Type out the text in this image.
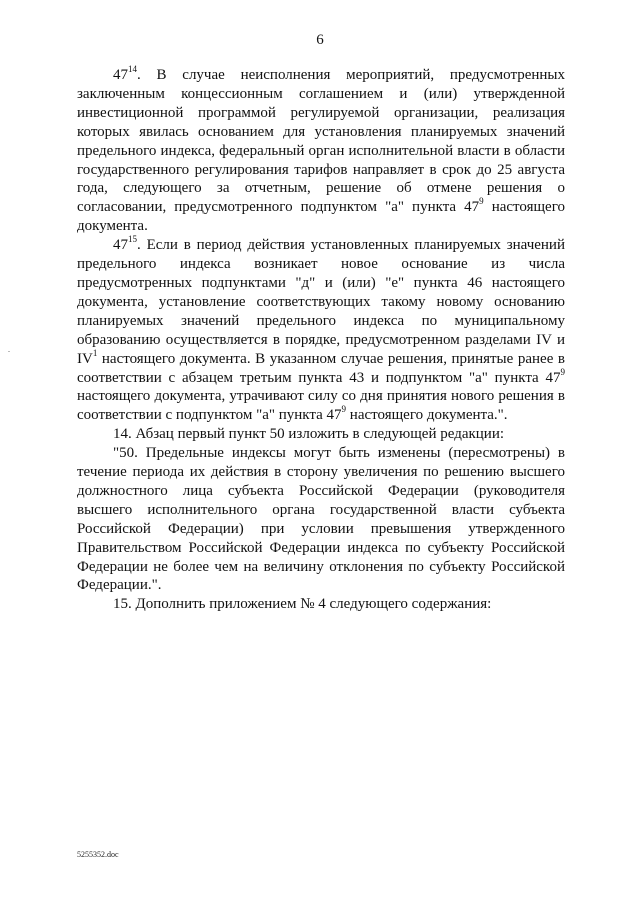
6

$47^{14}$. В случае неисполнения мероприятий, предусмотренных заключенным концессионным соглашением и (или) утвержденной инвестиционной программой регулируемой организации, реализация которых явилась основанием для установления планируемых значений предельного индекса, федеральный орган исполнительной власти в области государственного регулирования тарифов направляет в срок до 25 августа года, следующего за отчетным, решение об отмене решения о согласовании, предусмотренного подпунктом "а" пункта $47^9$ настоящего документа.

$47^{15}$. Если в период действия установленных планируемых значений предельного индекса возникает новое основание из числа предусмотренных подпунктами "д" и (или) "е" пункта 46 настоящего документа, установление соответствующих такому новому основанию планируемых значений предельного индекса по муниципальному образованию осуществляется в порядке, предусмотренном разделами IV и $IV^1$ настоящего документа. В указанном случае решения, принятые ранее в соответствии с абзацем третьим пункта 43 и подпунктом "а" пункта $47^9$ настоящего документа, утрачивают силу со дня принятия нового решения в соответствии с подпунктом "а" пункта $47^9$ настоящего документа.".

14. Абзац первый пункт 50 изложить в следующей редакции:

"50. Предельные индексы могут быть изменены (пересмотрены) в течение периода их действия в сторону увеличения по решению высшего должностного лица субъекта Российской Федерации (руководителя высшего исполнительного органа государственной власти субъекта Российской Федерации) при условии превышения утвержденного Правительством Российской Федерации индекса по субъекту Российской Федерации не более чем на величину отклонения по субъекту Российской Федерации.".

15. Дополнить приложением № 4 следующего содержания:

5255352.doc
